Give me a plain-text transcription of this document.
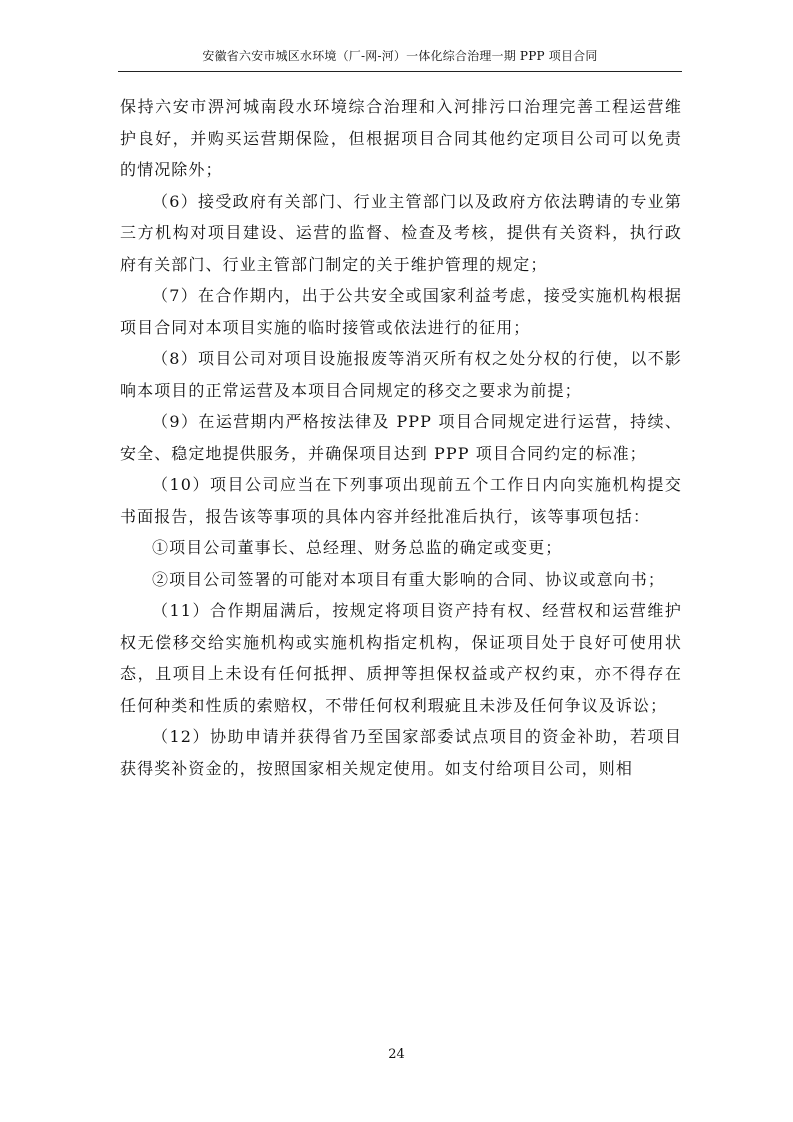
安徽省六安市城区水环境（厂-网-河）一体化综合治理一期 PPP 项目合同

保持六安市淠河城南段水环境综合治理和入河排污口治理完善工程运营维护良好，并购买运营期保险，但根据项目合同其他约定项目公司可以免责的情况除外；

（6）接受政府有关部门、行业主管部门以及政府方依法聘请的专业第三方机构对项目建设、运营的监督、检查及考核，提供有关资料，执行政府有关部门、行业主管部门制定的关于维护管理的规定；

（7）在合作期内，出于公共安全或国家利益考虑，接受实施机构根据项目合同对本项目实施的临时接管或依法进行的征用；

（8）项目公司对项目设施报废等消灭所有权之处分权的行使，以不影响本项目的正常运营及本项目合同规定的移交之要求为前提；

（9）在运营期内严格按法律及 PPP 项目合同规定进行运营，持续、安全、稳定地提供服务，并确保项目达到 PPP 项目合同约定的标准；

（10）项目公司应当在下列事项出现前五个工作日内向实施机构提交书面报告，报告该等事项的具体内容并经批准后执行，该等事项包括：

①项目公司董事长、总经理、财务总监的确定或变更；

②项目公司签署的可能对本项目有重大影响的合同、协议或意向书；

（11）合作期届满后，按规定将项目资产持有权、经营权和运营维护权无偿移交给实施机构或实施机构指定机构，保证项目处于良好可使用状态，且项目上未设有任何抵押、质押等担保权益或产权约束，亦不得存在任何种类和性质的索赔权，不带任何权利瑕疵且未涉及任何争议及诉讼；

（12）协助申请并获得省乃至国家部委试点项目的资金补助，若项目获得奖补资金的，按照国家相关规定使用。如支付给项目公司，则相

24
